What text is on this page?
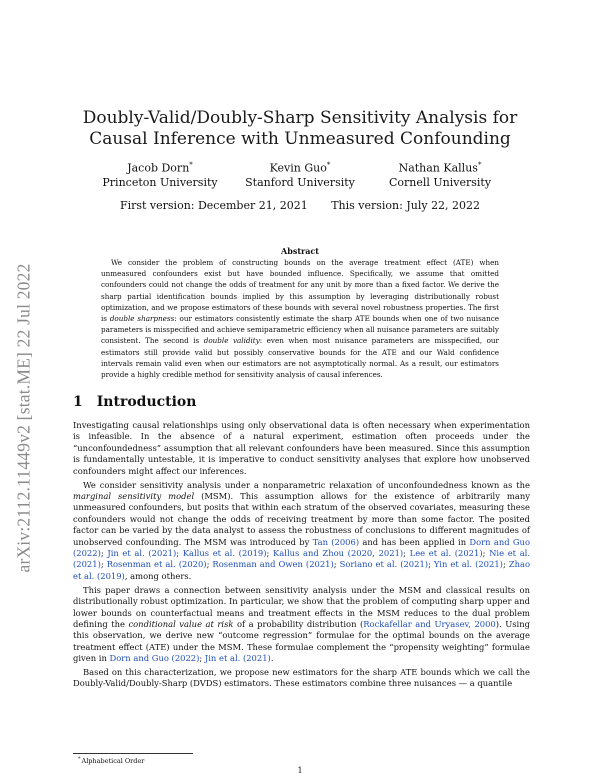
arXiv:2112.11449v2 [stat.ME] 22 Jul 2022
Doubly-Valid/Doubly-Sharp Sensitivity Analysis for
Causal Inference with Unmeasured Confounding
Jacob Dorn*
Princeton University
Kevin Guo*
Stanford University
Nathan Kallus*
Cornell University
First version: December 21, 2021 This version: July 22, 2022
Abstract

We consider the problem of constructing bounds on the average treatment effect (ATE) when unmeasured confounders exist but have bounded influence. Specifically, we assume that omitted confounders could not change the odds of treatment for any unit by more than a fixed factor. We derive the sharp partial identification bounds implied by this assumption by leveraging distributionally robust optimization, and we propose estimators of these bounds with several novel robustness properties. The first is double sharpness: our estimators consistently estimate the sharp ATE bounds when one of two nuisance parameters is misspecified and achieve semiparametric efficiency when all nuisance parameters are suitably consistent. The second is double validity: even when most nuisance parameters are misspecified, our estimators still provide valid but possibly conservative bounds for the ATE and our Wald confidence intervals remain valid even when our estimators are not asymptotically normal. As a result, our estimators provide a highly credible method for sensitivity analysis of causal inferences.

1 Introduction

Investigating causal relationships using only observational data is often necessary when experimentation is infeasible. In the absence of a natural experiment, estimation often proceeds under the “unconfoundedness” assumption that all relevant confounders have been measured. Since this assumption is fundamentally untestable, it is imperative to conduct sensitivity analyses that explore how unobserved confounders might affect our inferences.

We consider sensitivity analysis under a nonparametric relaxation of unconfoundedness known as the marginal sensitivity model (MSM). This assumption allows for the existence of arbitrarily many unmeasured confounders, but posits that within each stratum of the observed covariates, measuring these confounders would not change the odds of receiving treatment by more than some factor. The posited factor can be varied by the data analyst to assess the robustness of conclusions to different magnitudes of unobserved confounding. The MSM was introduced by Tan (2006) and has been applied in Dorn and Guo (2022); Jin et al. (2021); Kallus et al. (2019); Kallus and Zhou (2020, 2021); Lee et al. (2021); Nie et al. (2021); Rosenman et al. (2020); Rosenman and Owen (2021); Soriano et al. (2021); Yin et al. (2021); Zhao et al. (2019), among others.

This paper draws a connection between sensitivity analysis under the MSM and classical results on distributionally robust optimization. In particular, we show that the problem of computing sharp upper and lower bounds on counterfactual means and treatment effects in the MSM reduces to the dual problem defining the conditional value at risk of a probability distribution (Rockafellar and Uryasev, 2000). Using this observation, we derive new “outcome regression” formulae for the optimal bounds on the average treatment effect (ATE) under the MSM. These formulae complement the “propensity weighting” formulae given in Dorn and Guo (2022); Jin et al. (2021).

Based on this characterization, we propose new estimators for the sharp ATE bounds which we call the Doubly-Valid/Doubly-Sharp (DVDS) estimators. These estimators combine three nuisances — a quantile

*Alphabetical Order
1
